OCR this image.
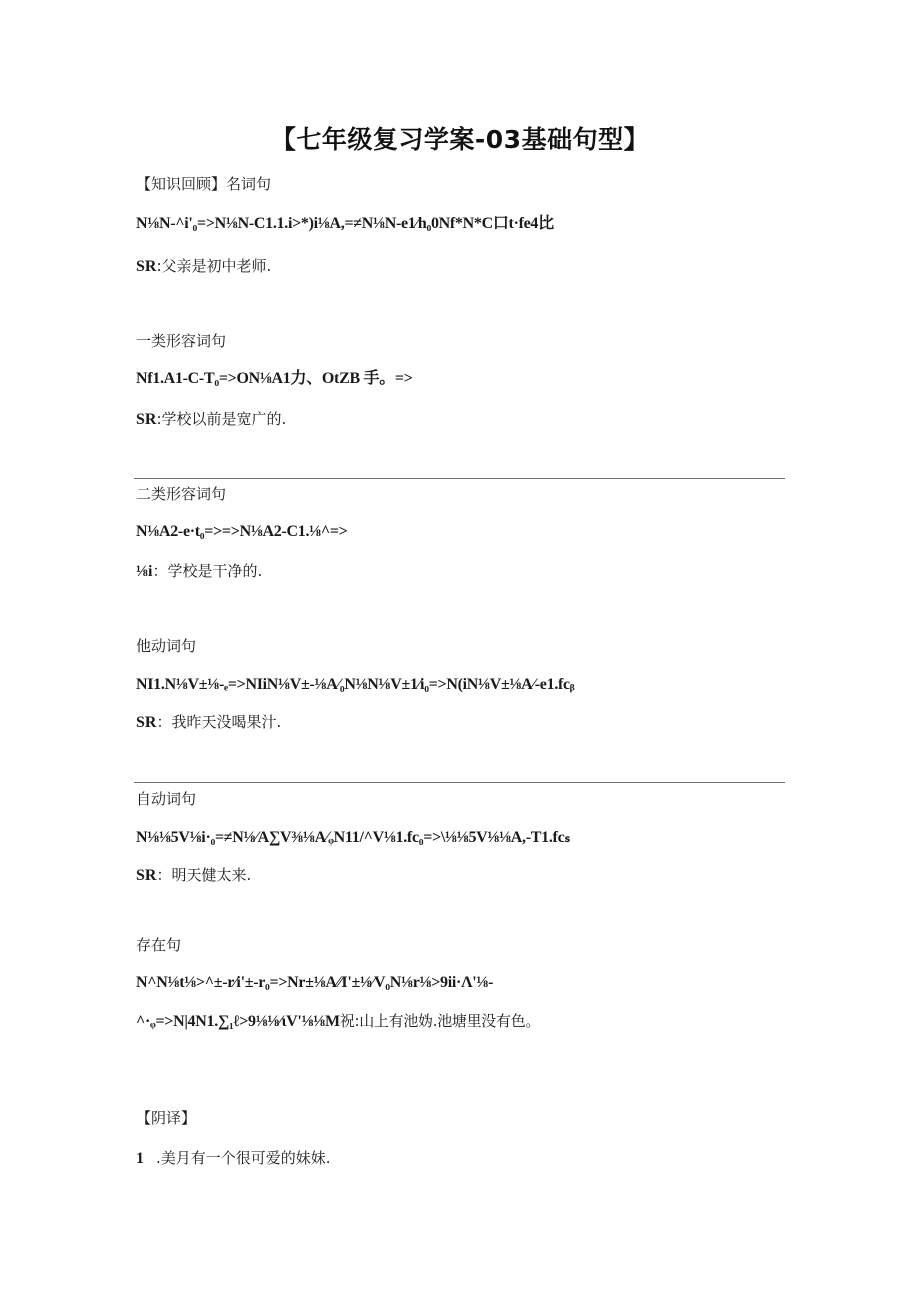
【七年级复习学案-03基础句型】
【知识回顾】名词句
N⅛N-^i'₀=>N⅛N-C1.1.i>*)i⅛A,=≠N⅛N-e1∕h₀0Nf*N*C口t·fe4比
SR:父亲是初中老师.
一类形容词句
Nf1.A1-C-T₀=>ON⅛A1力、OtZB 手。=>
SR:学校以前是宽广的.
二类形容词句
N⅛A2-e·t₀=>=>N⅛A2-C1.⅛^=>
⅛i：学校是干净的.
他动词句
NI1.N⅛V±⅛-ₑ=>NIiN⅛V±-⅛A∕₀N⅛N⅛V±1∕i₀=>N(iN⅛V±⅛A∕-e1.fcᵦ
SR：我昨天没喝果汁.
自动词句
N⅛⅛5V⅛i·₀=≠N⅛∕A∑V⅜⅛A∕ᵩN11/^V⅛1.fc₀=>\⅛⅛5V⅛⅛A,-T1.fcₛ
SR：明天健太来.
存在句
N^N⅛t⅛>^±-r∕i'±-r₀=>Nr±⅛A∕∕I'±⅛∕V₀N⅛r⅛>9ii·Λ'⅛-
^·ᵩ=>N|4N1.∑₁ℓ>9⅛⅛∕ιV'⅛⅛M祝:山上有池妫.池塘里没有色。
【阴译】
1 .美月有一个很可爱的妹妹.
